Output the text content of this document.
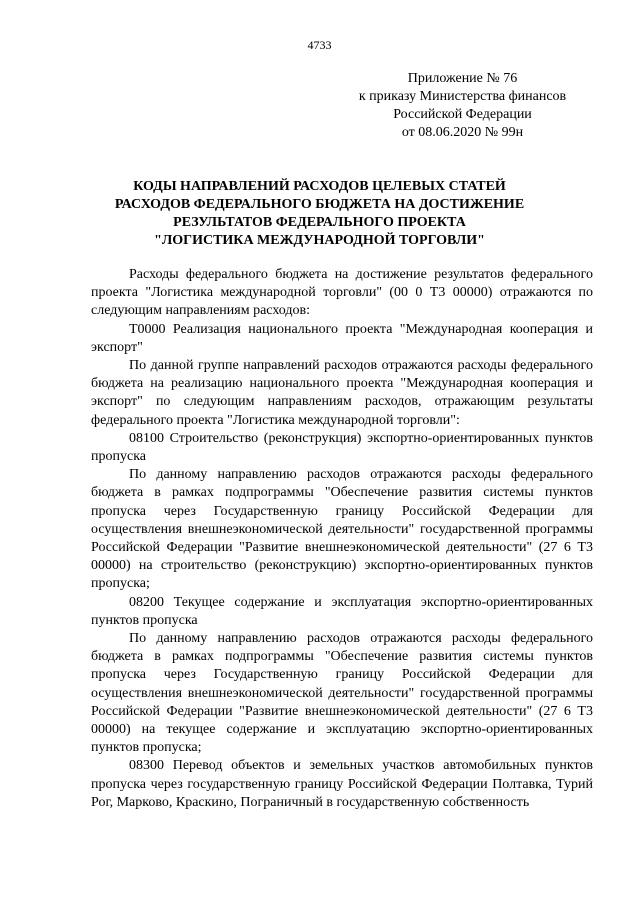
4733
Приложение № 76
к приказу Министерства финансов
Российской Федерации
от 08.06.2020 № 99н
КОДЫ НАПРАВЛЕНИЙ РАСХОДОВ ЦЕЛЕВЫХ СТАТЕЙ
РАСХОДОВ ФЕДЕРАЛЬНОГО БЮДЖЕТА НА ДОСТИЖЕНИЕ
РЕЗУЛЬТАТОВ ФЕДЕРАЛЬНОГО ПРОЕКТА
"ЛОГИСТИКА МЕЖДУНАРОДНОЙ ТОРГОВЛИ"

Расходы федерального бюджета на достижение результатов федерального проекта "Логистика международной торговли" (00 0 Т3 00000) отражаются по следующим направлениям расходов:

Т0000 Реализация национального проекта "Международная кооперация и экспорт"

По данной группе направлений расходов отражаются расходы федерального бюджета на реализацию национального проекта "Международная кооперация и экспорт" по следующим направлениям расходов, отражающим результаты федерального проекта "Логистика международной торговли":

08100 Строительство (реконструкция) экспортно-ориентированных пунктов пропуска

По данному направлению расходов отражаются расходы федерального бюджета в рамках подпрограммы "Обеспечение развития системы пунктов пропуска через Государственную границу Российской Федерации для осуществления внешнеэкономической деятельности" государственной программы Российской Федерации "Развитие внешнеэкономической деятельности" (27 6 Т3 00000) на строительство (реконструкцию) экспортно-ориентированных пунктов пропуска;

08200 Текущее содержание и эксплуатация экспортно-ориентированных пунктов пропуска

По данному направлению расходов отражаются расходы федерального бюджета в рамках подпрограммы "Обеспечение развития системы пунктов пропуска через Государственную границу Российской Федерации для осуществления внешнеэкономической деятельности" государственной программы Российской Федерации "Развитие внешнеэкономической деятельности" (27 6 Т3 00000) на текущее содержание и эксплуатацию экспортно-ориентированных пунктов пропуска;

08300 Перевод объектов и земельных участков автомобильных пунктов пропуска через государственную границу Российской Федерации Полтавка, Турий Рог, Марково, Краскино, Пограничный в государственную собственность
